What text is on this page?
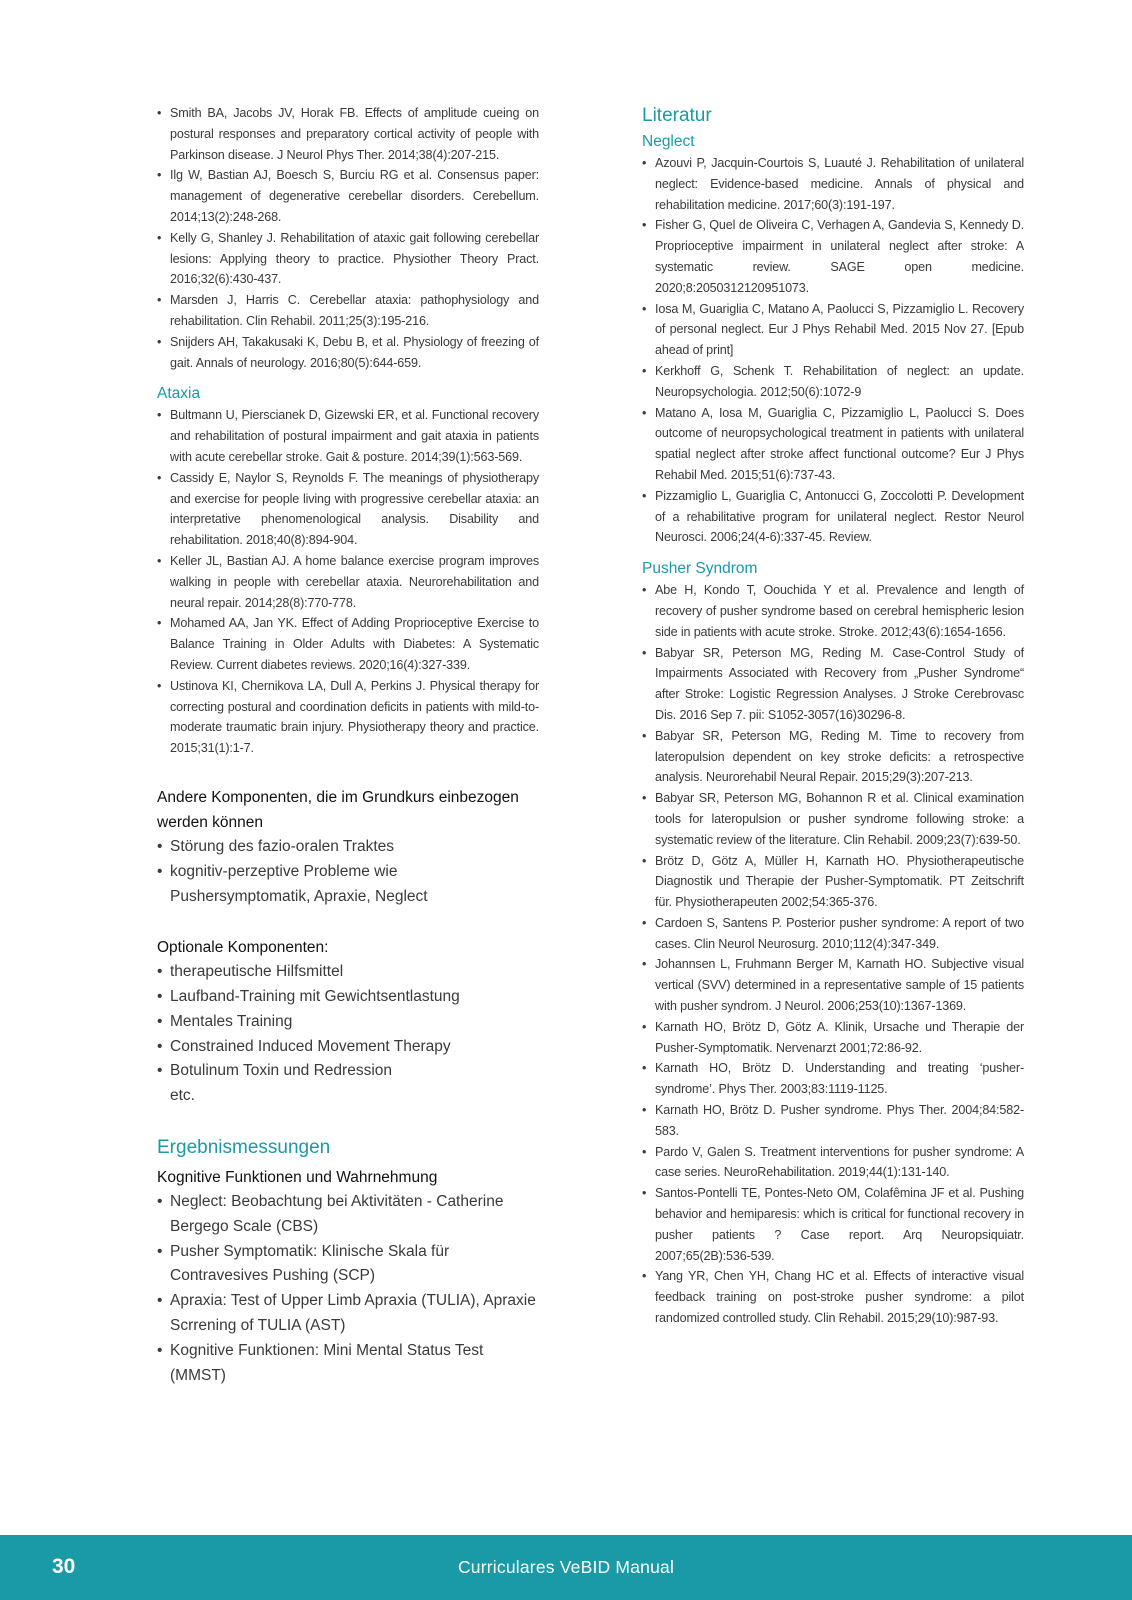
• Smith BA, Jacobs JV, Horak FB. Effects of amplitude cueing on postural responses and preparatory cortical activity of people with Parkinson disease. J Neurol Phys Ther. 2014;38(4):207-215.
• Ilg W, Bastian AJ, Boesch S, Burciu RG et al. Consensus paper: management of degenerative cerebellar disorders. Cerebellum. 2014;13(2):248-268.
• Kelly G, Shanley J. Rehabilitation of ataxic gait following cerebellar lesions: Applying theory to practice. Physiother Theory Pract. 2016;32(6):430-437.
• Marsden J, Harris C. Cerebellar ataxia: pathophysiology and rehabilitation. Clin Rehabil. 2011;25(3):195-216.
• Snijders AH, Takakusaki K, Debu B, et al. Physiology of freezing of gait. Annals of neurology. 2016;80(5):644-659.
Ataxia
• Bultmann U, Pierscianek D, Gizewski ER, et al. Functional recovery and rehabilitation of postural impairment and gait ataxia in patients with acute cerebellar stroke. Gait & posture. 2014;39(1):563-569.
• Cassidy E, Naylor S, Reynolds F. The meanings of physiotherapy and exercise for people living with progressive cerebellar ataxia: an interpretative phenomenological analysis. Disability and rehabilitation. 2018;40(8):894-904.
• Keller JL, Bastian AJ. A home balance exercise program improves walking in people with cerebellar ataxia. Neurorehabilitation and neural repair. 2014;28(8):770-778.
• Mohamed AA, Jan YK. Effect of Adding Proprioceptive Exercise to Balance Training in Older Adults with Diabetes: A Systematic Review. Current diabetes reviews. 2020;16(4):327-339.
• Ustinova KI, Chernikova LA, Dull A, Perkins J. Physical therapy for correcting postural and coordination deficits in patients with mild-to-moderate traumatic brain injury. Physiotherapy theory and practice. 2015;31(1):1-7.
Andere Komponenten, die im Grundkurs einbezogen werden können
• Störung des fazio-oralen Traktes
• kognitiv-perzeptive Probleme wie Pushersymptomatik, Apraxie, Neglect
Optionale Komponenten:
• therapeutische Hilfsmittel
• Laufband-Training mit Gewichtsentlastung
• Mentales Training
• Constrained Induced Movement Therapy
• Botulinum Toxin und Redression
etc.
Ergebnismessungen
Kognitive Funktionen und Wahrnehmung
• Neglect: Beobachtung bei Aktivitäten - Catherine Bergego Scale (CBS)
• Pusher Symptomatik: Klinische Skala für Contravesives Pushing (SCP)
• Apraxia: Test of Upper Limb Apraxia (TULIA), Apraxie Scrrening of TULIA (AST)
• Kognitive Funktionen: Mini Mental Status Test (MMST)
Literatur
Neglect
• Azouvi P, Jacquin-Courtois S, Luauté J. Rehabilitation of unilateral neglect: Evidence-based medicine. Annals of physical and rehabilitation medicine. 2017;60(3):191-197.
• Fisher G, Quel de Oliveira C, Verhagen A, Gandevia S, Kennedy D. Proprioceptive impairment in unilateral neglect after stroke: A systematic review. SAGE open medicine. 2020;8:2050312120951073.
• Iosa M, Guariglia C, Matano A, Paolucci S, Pizzamiglio L. Recovery of personal neglect. Eur J Phys Rehabil Med. 2015 Nov 27. [Epub ahead of print]
• Kerkhoff G, Schenk T. Rehabilitation of neglect: an update. Neuropsychologia. 2012;50(6):1072-9
• Matano A, Iosa M, Guariglia C, Pizzamiglio L, Paolucci S. Does outcome of neuropsychological treatment in patients with unilateral spatial neglect after stroke affect functional outcome? Eur J Phys Rehabil Med. 2015;51(6):737-43.
• Pizzamiglio L, Guariglia C, Antonucci G, Zoccolotti P. Development of a rehabilitative program for unilateral neglect. Restor Neurol Neurosci. 2006;24(4-6):337-45. Review.
Pusher Syndrom
• Abe H, Kondo T, Oouchida Y et al. Prevalence and length of recovery of pusher syndrome based on cerebral hemispheric lesion side in patients with acute stroke. Stroke. 2012;43(6):1654-1656.
• Babyar SR, Peterson MG, Reding M. Case-Control Study of Impairments Associated with Recovery from „Pusher Syndrome“ after Stroke: Logistic Regression Analyses. J Stroke Cerebrovasc Dis. 2016 Sep 7. pii: S1052-3057(16)30296-8.
• Babyar SR, Peterson MG, Reding M. Time to recovery from lateropulsion dependent on key stroke deficits: a retrospective analysis. Neurorehabil Neural Repair. 2015;29(3):207-213.
• Babyar SR, Peterson MG, Bohannon R et al. Clinical examination tools for lateropulsion or pusher syndrome following stroke: a systematic review of the literature. Clin Rehabil. 2009;23(7):639-50.
• Brötz D, Götz A, Müller H, Karnath HO. Physiotherapeutische Diagnostik und Therapie der Pusher-Symptomatik. PT Zeitschrift für. Physiotherapeuten 2002;54:365-376.
• Cardoen S, Santens P. Posterior pusher syndrome: A report of two cases. Clin Neurol Neurosurg. 2010;112(4):347-349.
• Johannsen L, Fruhmann Berger M, Karnath HO. Subjective visual vertical (SVV) determined in a representative sample of 15 patients with pusher syndrom. J Neurol. 2006;253(10):1367-1369.
• Karnath HO, Brötz D, Götz A. Klinik, Ursache und Therapie der Pusher-Symptomatik. Nervenarzt 2001;72:86-92.
• Karnath HO, Brötz D. Understanding and treating ‘pusher-syndrome’. Phys Ther. 2003;83:1119-1125.
• Karnath HO, Brötz D. Pusher syndrome. Phys Ther. 2004;84:582-583.
• Pardo V, Galen S. Treatment interventions for pusher syndrome: A case series. NeuroRehabilitation. 2019;44(1):131-140.
• Santos-Pontelli TE, Pontes-Neto OM, Colafêmina JF et al. Pushing behavior and hemiparesis: which is critical for functional recovery in pusher patients ? Case report. Arq Neuropsiquiatr. 2007;65(2B):536-539.
• Yang YR, Chen YH, Chang HC et al. Effects of interactive visual feedback training on post-stroke pusher syndrome: a pilot randomized controlled study. Clin Rehabil. 2015;29(10):987-93.
30	Curriculares VeBID Manual
